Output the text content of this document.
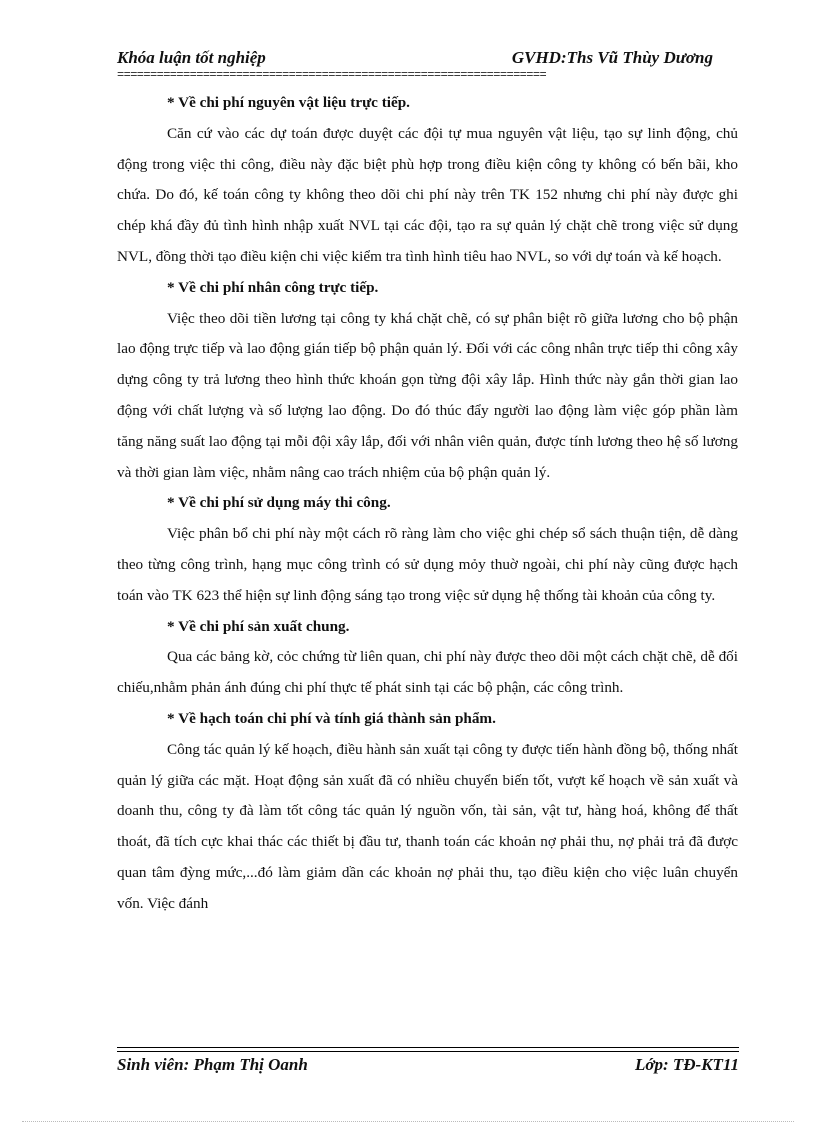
Khóa luận tốt nghiệp	GVHD:Ths Vũ Thùy Dương
=================================================================

* Về chi phí nguyên vật liệu trực tiếp.

Căn cứ vào các dự toán được duyệt các đội tự mua nguyên vật liệu, tạo sự linh động, chủ động trong việc thi công, điều này đặc biệt phù hợp trong điều kiện công ty không có bến bãi, kho chứa. Do đó, kế toán công ty không theo dõi chi phí này trên TK 152 nhưng chi phí này được ghi chép khá đầy đủ tình hình nhập xuất NVL tại các đội, tạo ra sự quản lý chặt chẽ trong việc sử dụng NVL, đồng thời tạo điều kiện chi việc kiểm tra tình hình tiêu hao NVL, so với dự toán và kế hoạch.

* Về chi phí nhân công trực tiếp.

Việc theo dõi tiền lương tại công ty khá chặt chẽ, có sự phân biệt rõ giữa lương cho bộ phận lao động trực tiếp và lao động gián tiếp bộ phận quản lý. Đối với các công nhân trực tiếp thi công xây dựng công ty trả lương theo hình thức khoán gọn từng đội xây lắp. Hình thức này gắn thời gian lao động với chất lượng và số lượng lao động. Do đó thúc đẩy người lao động làm việc góp phần làm tăng năng suất lao động tại mỗi đội xây lắp, đối với nhân viên quản, được tính lương theo hệ số lương và thời gian làm việc, nhằm nâng cao trách nhiệm của bộ phận quản lý.

* Về chi phí sử dụng máy thi công.

Việc phân bổ chi phí này một cách rõ ràng làm cho việc ghi chép sổ sách thuận tiện, dễ dàng theo từng công trình, hạng mục công trình có sử dụng mỏy thuờ ngoài, chi phí này cũng được hạch toán vào TK 623 thể hiện sự linh động sáng tạo trong việc sử dụng hệ thống tài khoản của công ty.

* Về chi phí sản xuất chung.

Qua các bảng kờ, cỏc chứng từ liên quan, chi phí này được theo dõi một cách chặt chẽ, dễ đối chiếu,nhằm phản ánh đúng chi phí thực tế phát sinh tại các bộ phận, các công trình.

* Về hạch toán chi phí và tính giá thành sản phẩm.

Công tác quản lý kế hoạch, điều hành sản xuất tại công ty được tiến hành đồng bộ, thống nhất quản lý giữa các mặt. Hoạt động sản xuất đã có nhiều chuyển biến tốt, vượt kế hoạch về sản xuất và doanh thu, công ty đà làm tốt công tác quản lý nguồn vốn, tài sản, vật tư, hàng hoá, không để thất thoát, đã tích cực khai thác các thiết bị đầu tư, thanh toán các khoản nợ phải thu, nợ phải trả đã được quan tâm đỳng mức,...đó làm giảm dần các khoản nợ phải thu, tạo điều kiện cho việc luân chuyển vốn. Việc đánh

Sinh viên: Phạm Thị Oanh	Lớp: TĐ-KT11
